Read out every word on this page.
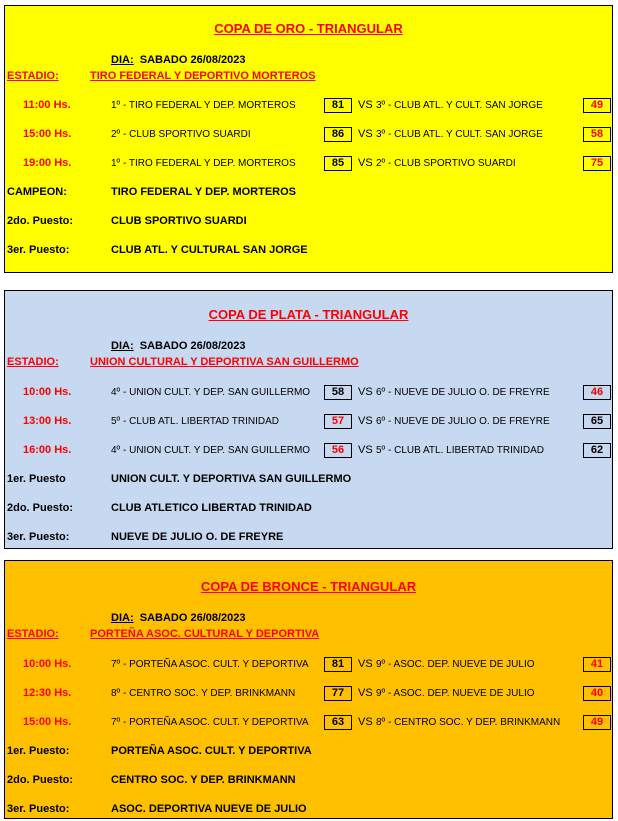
COPA DE ORO - TRIANGULAR
DIA: SABADO 26/08/2023
ESTADIO:	TIRO FEDERAL Y DEPORTIVO MORTEROS
11:00 Hs.	1º - TIRO FEDERAL Y DEP. MORTEROS	81	VS 3º - CLUB ATL. Y CULT. SAN JORGE	49
15:00 Hs.	2º - CLUB SPORTIVO SUARDI	86	VS 3º - CLUB ATL. Y CULT. SAN JORGE	58
19:00 Hs.	1º - TIRO FEDERAL Y DEP. MORTEROS	85	VS 2º - CLUB SPORTIVO SUARDI	75
CAMPEON:	TIRO FEDERAL Y DEP. MORTEROS
2do. Puesto:	CLUB SPORTIVO SUARDI
3er. Puesto:	CLUB ATL. Y CULTURAL SAN JORGE
COPA DE PLATA - TRIANGULAR
DIA: SABADO 26/08/2023
ESTADIO:	UNION CULTURAL Y DEPORTIVA SAN GUILLERMO
10:00 Hs.	4º - UNION CULT. Y DEP. SAN GUILLERMO	58	VS 6º - NUEVE DE JULIO O. DE FREYRE	46
13:00 Hs.	5º - CLUB ATL. LIBERTAD TRINIDAD	57	VS 6º - NUEVE DE JULIO O. DE FREYRE	65
16:00 Hs.	4º - UNION CULT. Y DEP. SAN GUILLERMO	56	VS 5º - CLUB ATL. LIBERTAD TRINIDAD	62
1er. Puesto	UNION CULT. Y DEPORTIVA SAN GUILLERMO
2do. Puesto:	CLUB ATLETICO LIBERTAD TRINIDAD
3er. Puesto:	NUEVE DE JULIO O. DE FREYRE
COPA DE BRONCE - TRIANGULAR
DIA: SABADO 26/08/2023
ESTADIO:	PORTEÑA ASOC. CULTURAL Y DEPORTIVA
10:00 Hs.	7º - PORTEÑA ASOC. CULT. Y DEPORTIVA	81	VS 9º - ASOC. DEP. NUEVE DE JULIO	41
12:30 Hs.	8º - CENTRO SOC. Y DEP. BRINKMANN	77	VS 9º - ASOC. DEP. NUEVE DE JULIO	40
15:00 Hs.	7º - PORTEÑA ASOC. CULT. Y DEPORTIVA	63	VS 8º - CENTRO SOC. Y DEP. BRINKMANN	49
1er. Puesto:	PORTEÑA ASOC. CULT. Y DEPORTIVA
2do. Puesto:	CENTRO SOC. Y DEP. BRINKMANN
3er. Puesto:	ASOC. DEPORTIVA NUEVE DE JULIO
